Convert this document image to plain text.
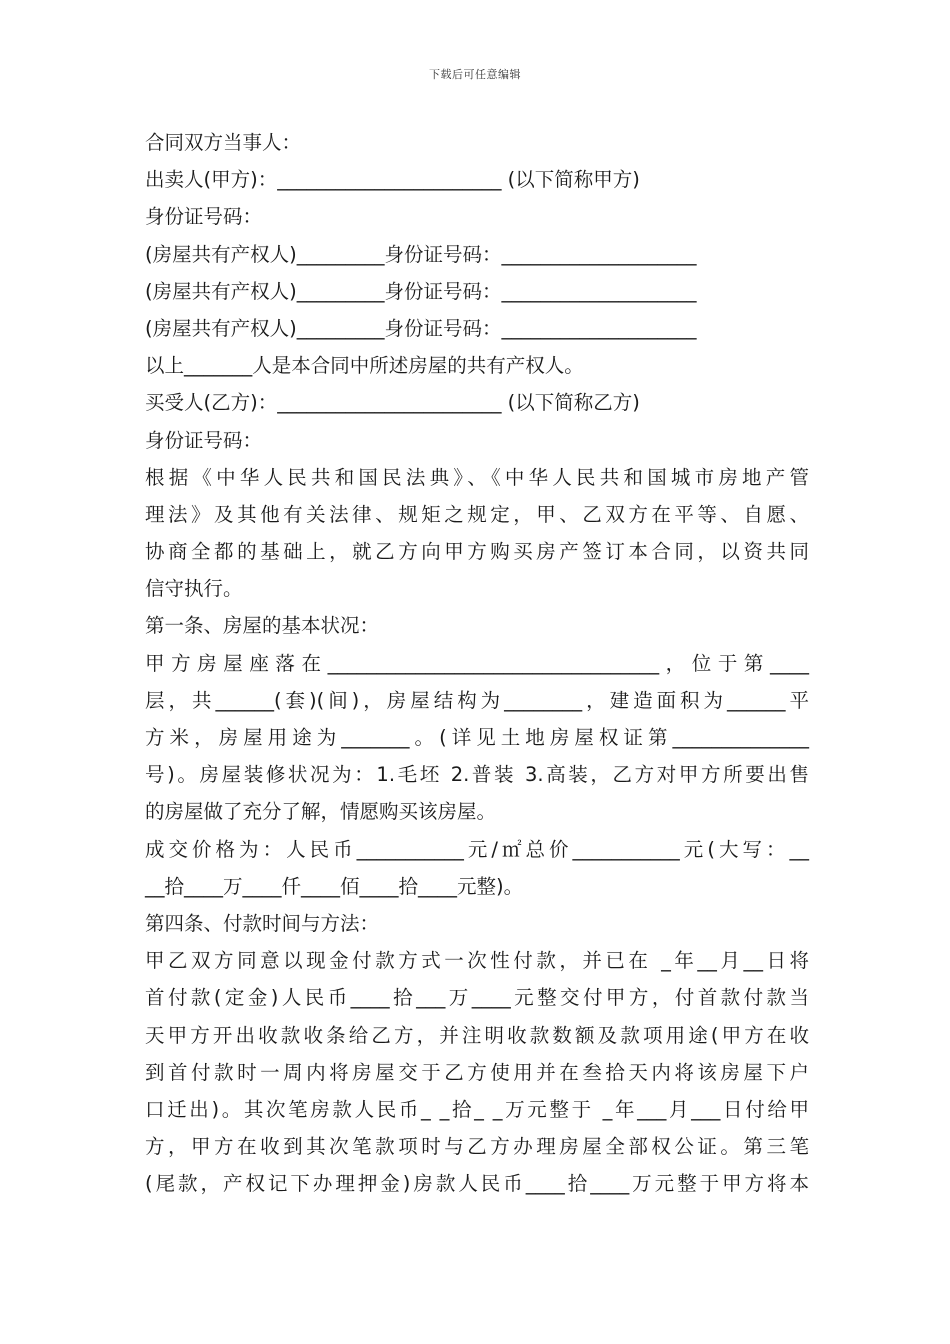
下载后可任意编辑
合同双方当事人：
出卖人(甲方)：_______________________ (以下简称甲方)
身份证号码：
(房屋共有产权人)_________身份证号码：____________________
(房屋共有产权人)_________身份证号码：____________________
(房屋共有产权人)_________身份证号码：____________________
以上_______人是本合同中所述房屋的共有产权人。
买受人(乙方)：_______________________ (以下简称乙方)
身份证号码：
根据《中华人民共和国民法典》、《中华人民共和国城市房地产管
理法》及其他有关法律、规矩之规定，甲、乙双方在平等、自愿、
协商全都的基础上，就乙方向甲方购买房产签订本合同，以资共同
信守执行。
第一条、房屋的基本状况：
甲方房屋座落在__________________________________，位于第____
层，共______(套)(间)，房屋结构为________，建造面积为______平
方米，房屋用途为_______。(详见土地房屋权证第______________
号)。房屋装修状况为：1.毛坯 2.普装 3.高装，乙方对甲方所要出售
的房屋做了充分了解，情愿购买该房屋。
成交价格为：人民币___________元/㎡总价___________元(大写：__
__拾____万____仟____佰____拾____元整)。
第四条、付款时间与方法：
甲乙双方同意以现金付款方式一次性付款，并已在 _年__月__日将
首付款(定金)人民币____拾___万____元整交付甲方，付首款付款当
天甲方开出收款收条给乙方，并注明收款数额及款项用途(甲方在收
到首付款时一周内将房屋交于乙方使用并在叁拾天内将该房屋下户
口迁出)。其次笔房款人民币_ _拾_ _万元整于 _年___月___日付给甲
方，甲方在收到其次笔款项时与乙方办理房屋全部权公证。第三笔
(尾款，产权记下办理押金)房款人民币____拾____万元整于甲方将本
